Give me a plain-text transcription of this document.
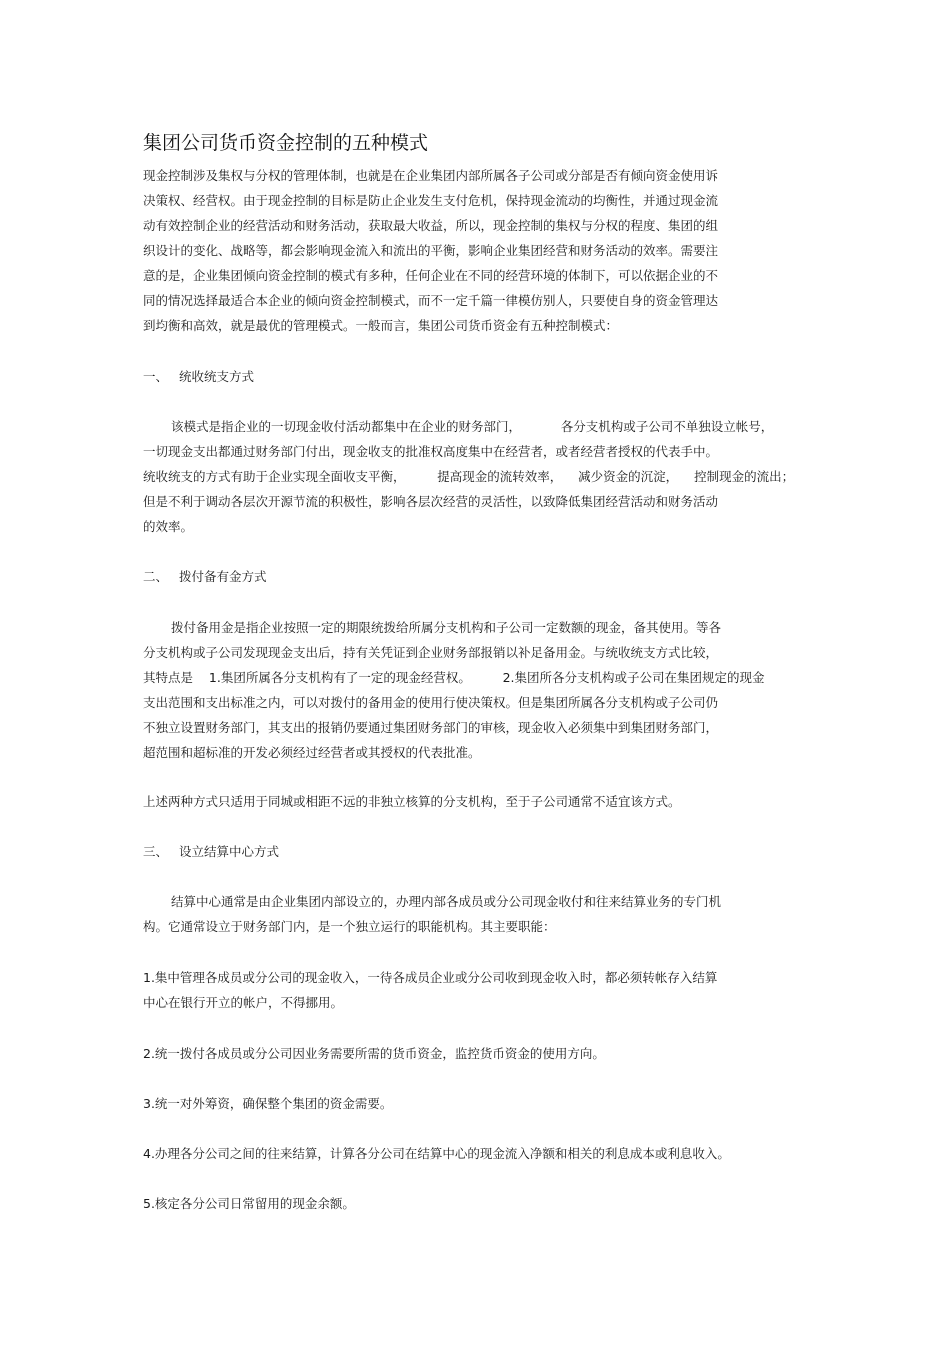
集团公司货币资金控制的五种模式
现金控制涉及集权与分权的管理体制，也就是在企业集团内部所属各子公司或分部是否有倾向资金使用诉
决策权、经营权。由于现金控制的目标是防止企业发生支付危机，保持现金流动的均衡性，并通过现金流
动有效控制企业的经营活动和财务活动，获取最大收益，所以，现金控制的集权与分权的程度、集团的组
织设计的变化、战略等，都会影响现金流入和流出的平衡，影响企业集团经营和财务活动的效率。需要注
意的是，企业集团倾向资金控制的模式有多种，任何企业在不同的经营环境的体制下，可以依据企业的不
同的情况选择最适合本企业的倾向资金控制模式，而不一定千篇一律模仿别人，只要使自身的资金管理达
到均衡和高效，就是最优的管理模式。一般而言，集团公司货币资金有五种控制模式：
一、 统收统支方式
该模式是指企业的一切现金收付活动都集中在企业的财务部门，          各分支机构或子公司不单独设立帐号，
一切现金支出都通过财务部门付出，现金收支的批准权高度集中在经营者，或者经营者授权的代表手中。
统收统支的方式有助于企业实现全面收支平衡，        提高现金的流转效率，    减少资金的沉淀，    控制现金的流出；
但是不利于调动各层次开源节流的积极性，影响各层次经营的灵活性，以致降低集团经营活动和财务活动
的效率。
二、 拨付备有金方式
拨付备用金是指企业按照一定的期限统拨给所属分支机构和子公司一定数额的现金，备其使用。等各
分支机构或子公司发现现金支出后，持有关凭证到企业财务部报销以补足备用金。与统收统支方式比较，
其特点是    1.集团所属各分支机构有了一定的现金经营权。        2.集团所各分支机构或子公司在集团规定的现金
支出范围和支出标准之内，可以对拨付的备用金的使用行使决策权。但是集团所属各分支机构或子公司仍
不独立设置财务部门，其支出的报销仍要通过集团财务部门的审核，现金收入必须集中到集团财务部门，
超范围和超标准的开发必须经过经营者或其授权的代表批准。
上述两种方式只适用于同城或相距不远的非独立核算的分支机构，至于子公司通常不适宜该方式。
三、 设立结算中心方式
结算中心通常是由企业集团内部设立的，办理内部各成员或分公司现金收付和往来结算业务的专门机
构。它通常设立于财务部门内，是一个独立运行的职能机构。其主要职能：
1.集中管理各成员或分公司的现金收入，一待各成员企业或分公司收到现金收入时，都必须转帐存入结算
中心在银行开立的帐户，不得挪用。
2.统一拨付各成员或分公司因业务需要所需的货币资金，监控货币资金的使用方向。
3.统一对外筹资，确保整个集团的资金需要。
4.办理各分公司之间的往来结算，计算各分公司在结算中心的现金流入净额和相关的利息成本或利息收入。
5.核定各分公司日常留用的现金余额。
